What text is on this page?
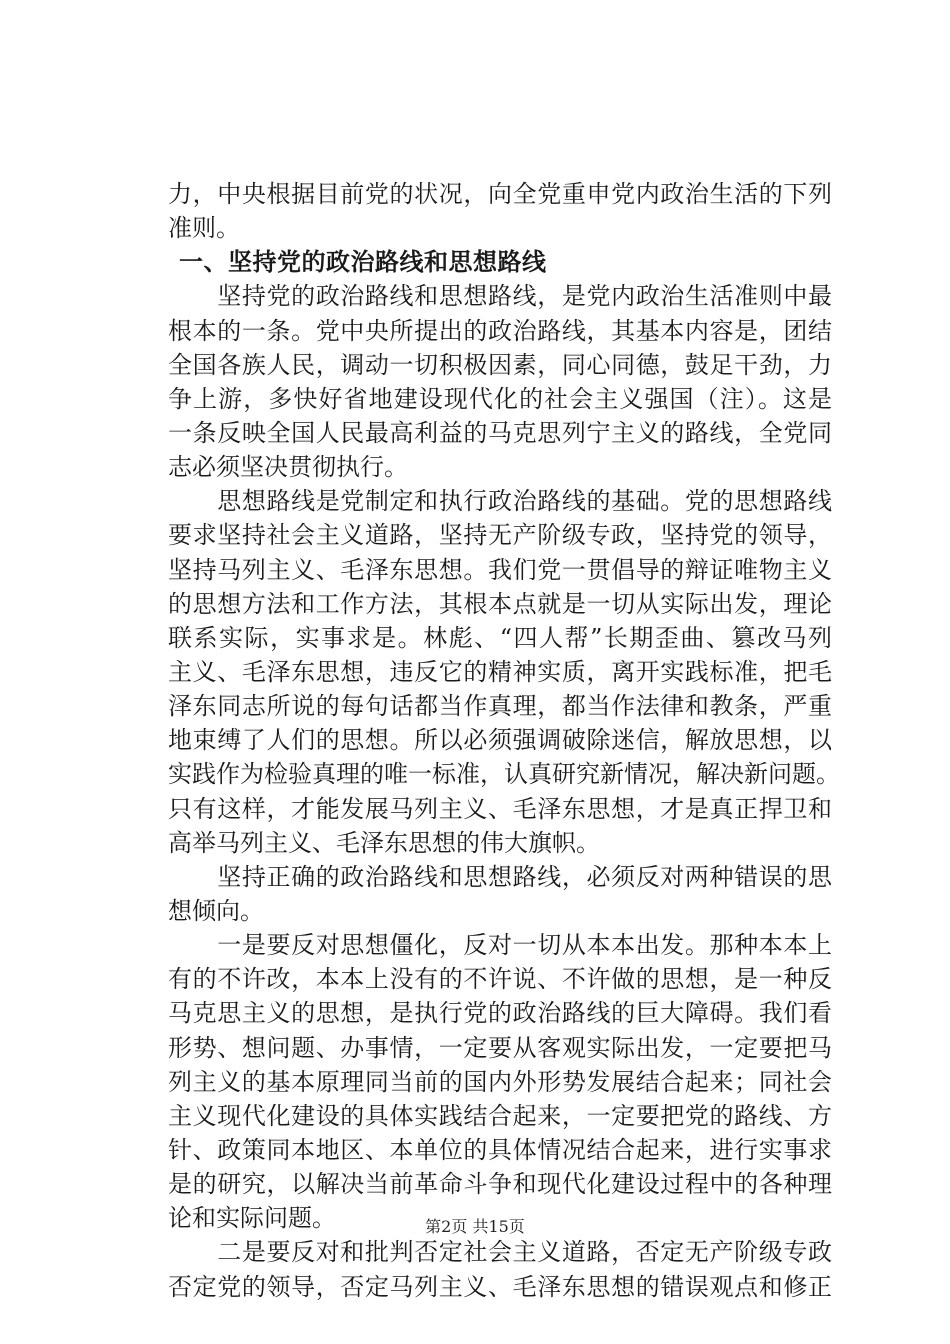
力，中央根据目前党的状况，向全党重申党内政治生活的下列
准则。
一、坚持党的政治路线和思想路线
　　坚持党的政治路线和思想路线，是党内政治生活准则中最
根本的一条。党中央所提出的政治路线，其基本内容是，团结
全国各族人民，调动一切积极因素，同心同德，鼓足干劲，力
争上游，多快好省地建设现代化的社会主义强国（注）。这是
一条反映全国人民最高利益的马克思列宁主义的路线，全党同
志必须坚决贯彻执行。
　　思想路线是党制定和执行政治路线的基础。党的思想路线
要求坚持社会主义道路，坚持无产阶级专政，坚持党的领导，
坚持马列主义、毛泽东思想。我们党一贯倡导的辩证唯物主义
的思想方法和工作方法，其根本点就是一切从实际出发，理论
联系实际，实事求是。林彪、“四人帮”长期歪曲、篡改马列
主义、毛泽东思想，违反它的精神实质，离开实践标准，把毛
泽东同志所说的每句话都当作真理，都当作法律和教条，严重
地束缚了人们的思想。所以必须强调破除迷信，解放思想，以
实践作为检验真理的唯一标准，认真研究新情况，解决新问题。
只有这样，才能发展马列主义、毛泽东思想，才是真正捍卫和
高举马列主义、毛泽东思想的伟大旗帜。
　　坚持正确的政治路线和思想路线，必须反对两种错误的思
想倾向。
　　一是要反对思想僵化，反对一切从本本出发。那种本本上
有的不许改，本本上没有的不许说、不许做的思想，是一种反
马克思主义的思想，是执行党的政治路线的巨大障碍。我们看
形势、想问题、办事情，一定要从客观实际出发，一定要把马
列主义的基本原理同当前的国内外形势发展结合起来；同社会
主义现代化建设的具体实践结合起来，一定要把党的路线、方
针、政策同本地区、本单位的具体情况结合起来，进行实事求
是的研究，以解决当前革命斗争和现代化建设过程中的各种理
论和实际问题。
　　二是要反对和批判否定社会主义道路，否定无产阶级专政
否定党的领导，否定马列主义、毛泽东思想的错误观点和修正
第2页 共15页
